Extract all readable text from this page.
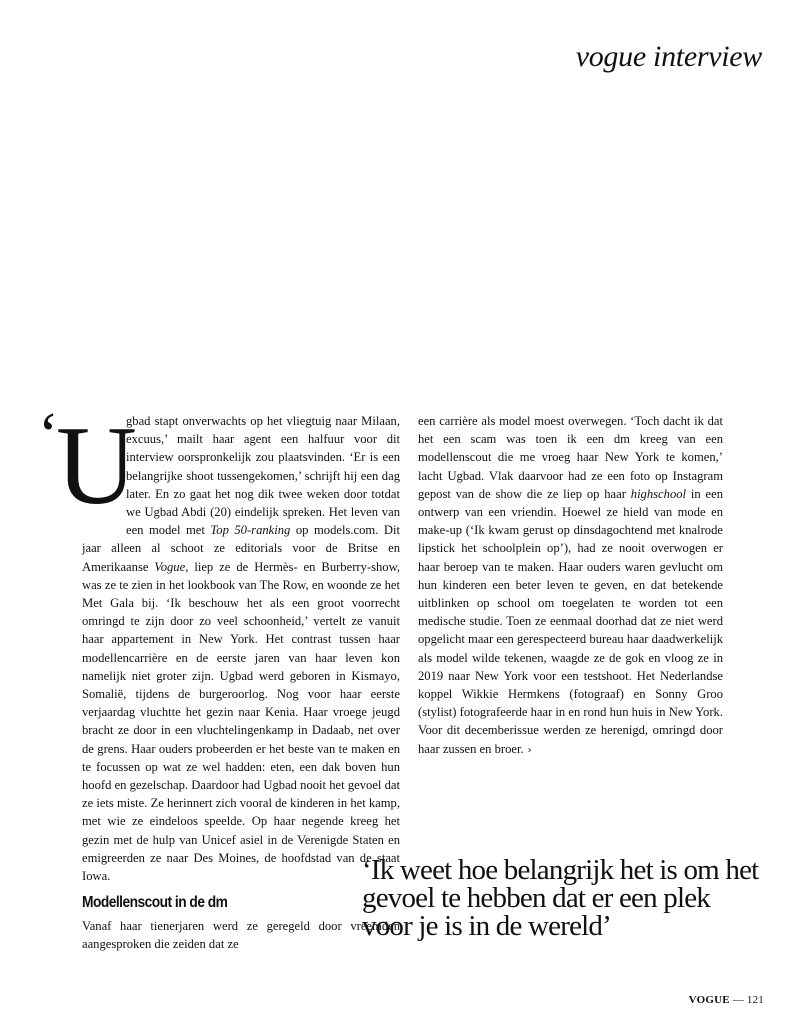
vogue interview
‘
U

gbad stapt onverwachts op het vliegtuig naar Milaan, excuus,’ mailt haar agent een halfuur voor dit interview oorspronkelijk zou plaatsvinden. ‘Er is een belangrijke shoot tussengekomen,’ schrijft hij een dag later. En zo gaat het nog dik twee weken door totdat we Ugbad Abdi (20) eindelijk spreken. Het leven van een model met Top 50-ranking op models.com. Dit jaar alleen al schoot ze editorials voor de Britse en Amerikaanse Vogue, liep ze de Hermès- en Burberry-show, was ze te zien in het lookbook van The Row, en woonde ze het Met Gala bij. ‘Ik beschouw het als een groot voorrecht omringd te zijn door zo veel schoonheid,’ vertelt ze vanuit haar appartement in New York. Het contrast tussen haar modellencarrière en de eerste jaren van haar leven kon namelijk niet groter zijn. Ugbad werd geboren in Kismayo, Somalië, tijdens de burgeroorlog. Nog voor haar eerste verjaardag vluchtte het gezin naar Kenia. Haar vroege jeugd bracht ze door in een vluchtelingenkamp in Dadaab, net over de grens. Haar ouders probeerden er het beste van te maken en te focussen op wat ze wel hadden: eten, een dak boven hun hoofd en gezelschap. Daardoor had Ugbad nooit het gevoel dat ze iets miste. Ze herinnert zich vooral de kinderen in het kamp, met wie ze eindeloos speelde. Op haar negende kreeg het gezin met de hulp van Unicef asiel in de Verenigde Staten en emigreerden ze naar Des Moines, de hoofdstad van de staat Iowa.

Modellenscout in de dm

Vanaf haar tienerjaren werd ze geregeld door vreemden aangesproken die zeiden dat ze

een carrière als model moest overwegen. ‘Toch dacht ik dat het een scam was toen ik een dm kreeg van een modellenscout die me vroeg haar New York te komen,’ lacht Ugbad. Vlak daarvoor had ze een foto op Instagram gepost van de show die ze liep op haar highschool in een ontwerp van een vriendin. Hoewel ze hield van mode en make-up (‘Ik kwam gerust op dinsdagochtend met knalrode lipstick het schoolplein op’), had ze nooit overwogen er haar beroep van te maken. Haar ouders waren gevlucht om hun kinderen een beter leven te geven, en dat betekende uitblinken op school om toegelaten te worden tot een medische studie. Toen ze eenmaal doorhad dat ze niet werd opgelicht maar een gerespecteerd bureau haar daadwerkelijk als model wilde tekenen, waagde ze de gok en vloog ze in 2019 naar New York voor een testshoot. Het Nederlandse koppel Wikkie Hermkens (fotograaf) en Sonny Groo (stylist) fotografeerde haar in en rond hun huis in New York. Voor dit decemberissue werden ze herenigd, omringd door haar zussen en broer. ›

‘Ik weet hoe belangrijk het is om het gevoel te hebben dat er een plek voor je is in de wereld’
VOGUE — 121
